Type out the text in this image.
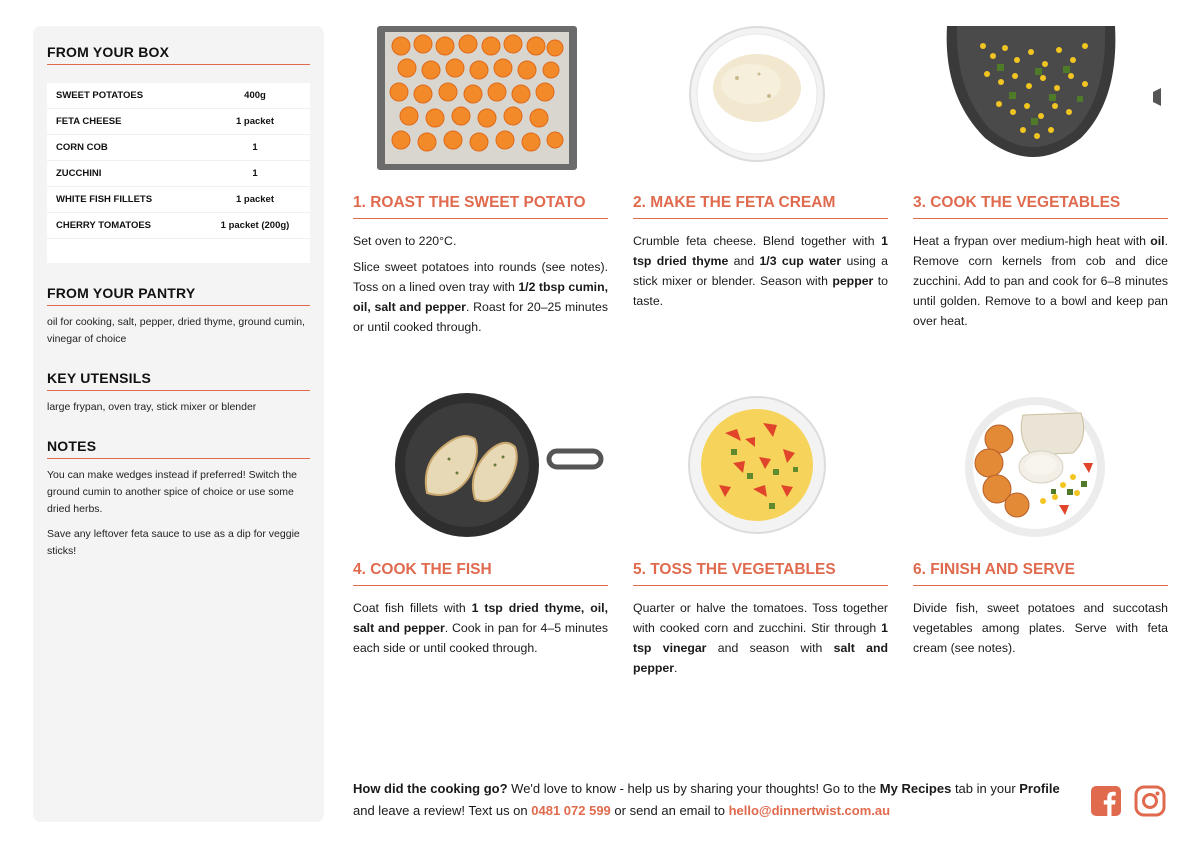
FROM YOUR BOX
SWEET POTATOES	400g
FETA CHEESE	1 packet
CORN COB	1
ZUCCHINI	1
WHITE FISH FILLETS	1 packet
CHERRY TOMATOES	1 packet (200g)
FROM YOUR PANTRY
oil for cooking, salt, pepper, dried thyme, ground cumin, vinegar of choice
KEY UTENSILS
large frypan, oven tray, stick mixer or blender
NOTES
You can make wedges instead if preferred! Switch the ground cumin to another spice of choice or use some dried herbs.
Save any leftover feta sauce to use as a dip for veggie sticks!
1. ROAST THE SWEET POTATO

Set oven to 220°C.

Slice sweet potatoes into rounds (see notes). Toss on a lined oven tray with 1/2 tbsp cumin, oil, salt and pepper. Roast for 20–25 minutes or until cooked through.

2. MAKE THE FETA CREAM

Crumble feta cheese. Blend together with 1 tsp dried thyme and 1/3 cup water using a stick mixer or blender. Season with pepper to taste.

3. COOK THE VEGETABLES

Heat a frypan over medium-high heat with oil. Remove corn kernels from cob and dice zucchini. Add to pan and cook for 6–8 minutes until golden. Remove to a bowl and keep pan over heat.

4. COOK THE FISH

Coat fish fillets with 1 tsp dried thyme, oil, salt and pepper. Cook in pan for 4–5 minutes each side or until cooked through.

5. TOSS THE VEGETABLES

Quarter or halve the tomatoes. Toss together with cooked corn and zucchini. Stir through 1 tsp vinegar and season with salt and pepper.

6. FINISH AND SERVE

Divide fish, sweet potatoes and succotash vegetables among plates. Serve with feta cream (see notes).

How did the cooking go? We'd love to know - help us by sharing your thoughts! Go to the My Recipes tab in your Profile and leave a review! Text us on 0481 072 599 or send an email to hello@dinnertwist.com.au
